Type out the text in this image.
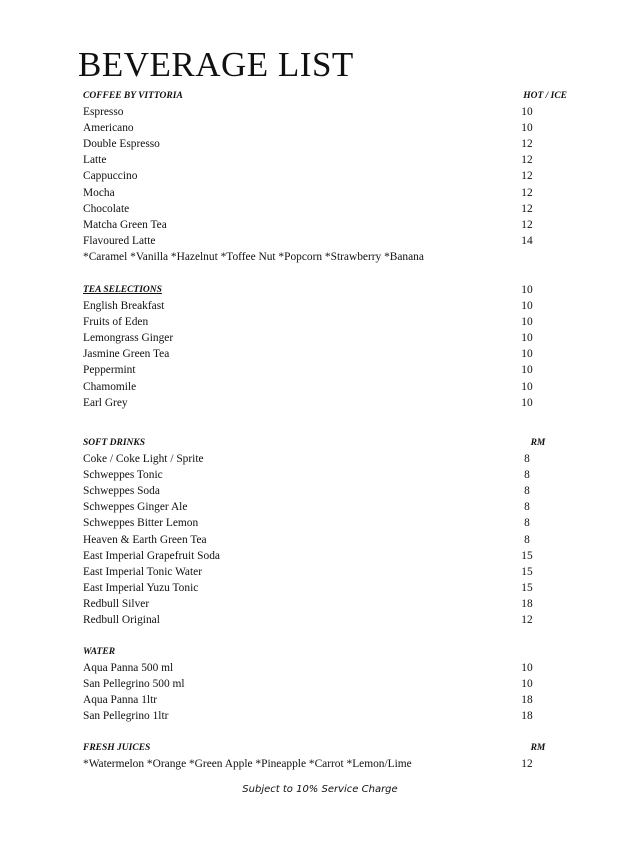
BEVERAGE LIST
COFFEE BY VITTORIA	HOT / ICE
Espresso	10
Americano	10
Double Espresso	12
Latte	12
Cappuccino	12
Mocha	12
Chocolate	12
Matcha Green Tea	12
Flavoured Latte	14
*Caramel *Vanilla *Hazelnut *Toffee Nut *Popcorn *Strawberry *Banana
TEA SELECTIONS	10
English Breakfast	10
Fruits of Eden	10
Lemongrass Ginger	10
Jasmine Green Tea	10
Peppermint	10
Chamomile	10
Earl Grey	10
SOFT DRINKS	RM
Coke / Coke Light / Sprite	8
Schweppes Tonic	8
Schweppes Soda	8
Schweppes Ginger Ale	8
Schweppes Bitter Lemon	8
Heaven & Earth Green Tea	8
East Imperial Grapefruit Soda	15
East Imperial Tonic Water	15
East Imperial Yuzu Tonic	15
Redbull Silver	18
Redbull Original	12
WATER
Aqua Panna 500 ml	10
San Pellegrino 500 ml	10
Aqua Panna 1ltr	18
San Pellegrino 1ltr	18
FRESH JUICES	RM
*Watermelon *Orange *Green Apple *Pineapple *Carrot *Lemon/Lime	12
Subject to 10% Service Charge
